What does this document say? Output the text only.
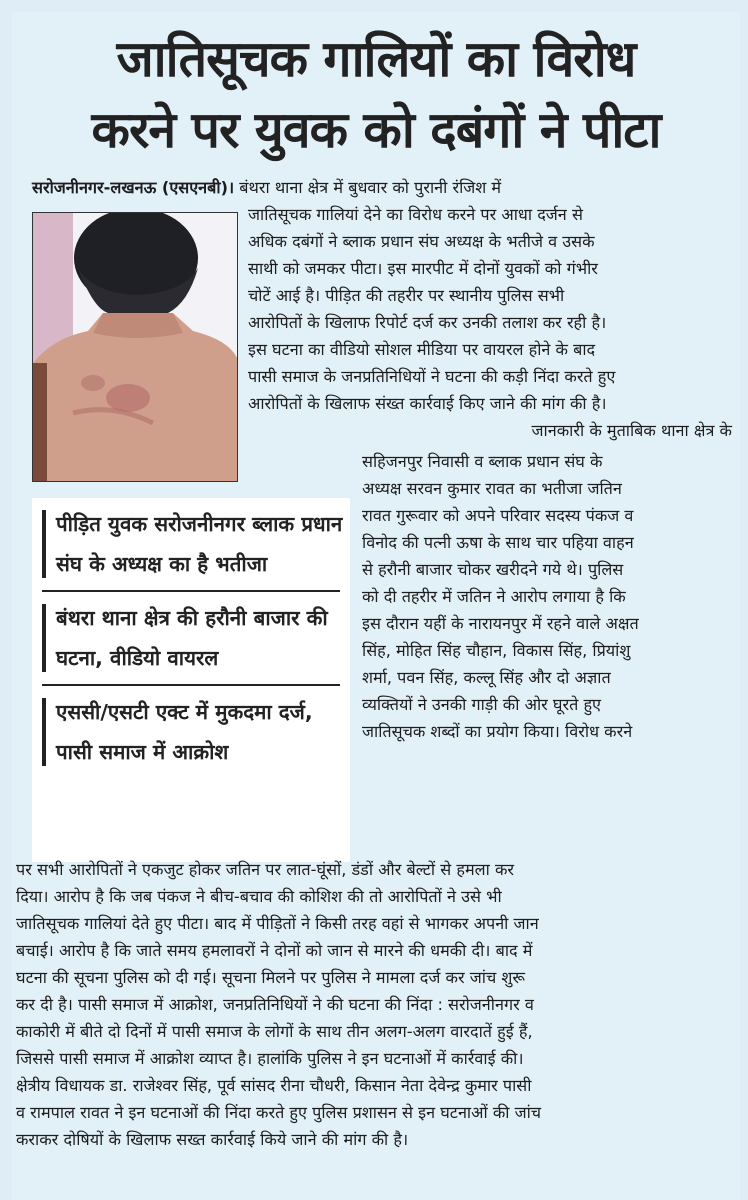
जातिसूचक गालियों का विरोध
करने पर युवक को दबंगों ने पीटा
सरोजनीनगर-लखनऊ (एसएनबी)। बंथरा थाना क्षेत्र में बुधवार को पुरानी रंजिश में
जातिसूचक गालियां देने का विरोध करने पर आधा दर्जन से
अधिक दबंगों ने ब्लाक प्रधान संघ अध्यक्ष के भतीजे व उसके
साथी को जमकर पीटा। इस मारपीट में दोनों युवकों को गंभीर
चोटें आई है। पीड़ित की तहरीर पर स्थानीय पुलिस सभी
आरोपितों के खिलाफ रिपोर्ट दर्ज कर उनकी तलाश कर रही है।
इस घटना का वीडियो सोशल मीडिया पर वायरल होने के बाद
पासी समाज के जनप्रतिनिधियों ने घटना की कड़ी निंदा करते हुए
आरोपितों के खिलाफ संख्त कार्रवाई किए जाने की मांग की है।
जानकारी के मुताबिक थाना क्षेत्र के
सहिजनपुर निवासी व ब्लाक प्रधान संघ के
अध्यक्ष सरवन कुमार रावत का भतीजा जतिन
रावत गुरूवार को अपने परिवार सदस्य पंकज व
विनोद की पत्नी ऊषा के साथ चार पहिया वाहन
से हरौनी बाजार चोकर खरीदने गये थे। पुलिस
को दी तहरीर में जतिन ने आरोप लगाया है कि
इस दौरान यहीं के नारायनपुर में रहने वाले अक्षत
सिंह, मोहित सिंह चौहान, विकास सिंह, प्रियांशु
शर्मा, पवन सिंह, कल्लू सिंह और दो अज्ञात
व्यक्तियों ने उनकी गाड़ी की ओर घूरते हुए
जातिसूचक शब्दों का प्रयोग किया। विरोध करने
पीड़ित युवक सरोजनीनगर ब्लाक प्रधान संघ के अध्यक्ष का है भतीजा
बंथरा थाना क्षेत्र की हरौनी बाजार की घटना, वीडियो वायरल
एससी/एसटी एक्ट में मुकदमा दर्ज, पासी समाज में आक्रोश
पर सभी आरोपितों ने एकजुट होकर जतिन पर लात-घूंसों, डंडों और बेल्टों से हमला कर
दिया। आरोप है कि जब पंकज ने बीच-बचाव की कोशिश की तो आरोपितों ने उसे भी
जातिसूचक गालियां देते हुए पीटा। बाद में पीड़ितों ने किसी तरह वहां से भागकर अपनी जान
बचाई। आरोप है कि जाते समय हमलावरों ने दोनों को जान से मारने की धमकी दी। बाद में
घटना की सूचना पुलिस को दी गई। सूचना मिलने पर पुलिस ने मामला दर्ज कर जांच शुरू
कर दी है। पासी समाज में आक्रोश, जनप्रतिनिधियों ने की घटना की निंदा : सरोजनीनगर व
काकोरी में बीते दो दिनों में पासी समाज के लोगों के साथ तीन अलग-अलग वारदातें हुई हैं,
जिससे पासी समाज में आक्रोश व्याप्त है। हालांकि पुलिस ने इन घटनाओं में कार्रवाई की।
क्षेत्रीय विधायक डा. राजेश्वर सिंह, पूर्व सांसद रीना चौधरी, किसान नेता देवेन्द्र कुमार पासी
व रामपाल रावत ने इन घटनाओं की निंदा करते हुए पुलिस प्रशासन से इन घटनाओं की जांच
कराकर दोषियों के खिलाफ सख्त कार्रवाई किये जाने की मांग की है।
